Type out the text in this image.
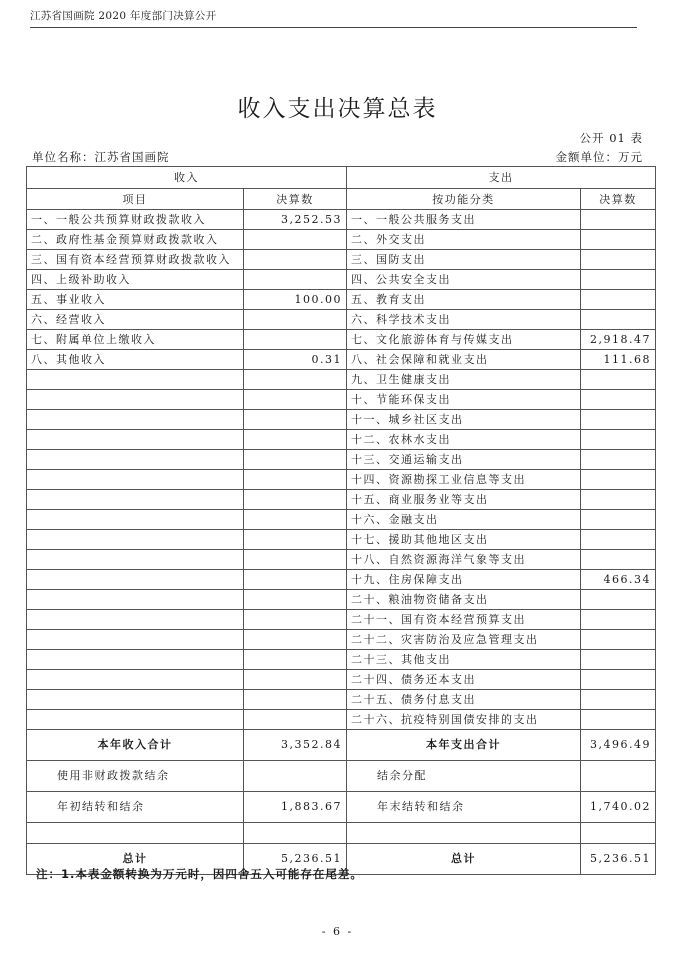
江苏省国画院 2020 年度部门决算公开
收入支出决算总表
公开 01 表
单位名称：江苏省国画院	金额单位：万元
收入		支出	
项目	决算数	按功能分类	决算数
一、一般公共预算财政拨款收入	3,252.53	一、一般公共服务支出	
二、政府性基金预算财政拨款收入		二、外交支出	
三、国有资本经营预算财政拨款收入		三、国防支出	
四、上级补助收入		四、公共安全支出	
五、事业收入	100.00	五、教育支出	
六、经营收入		六、科学技术支出	
七、附属单位上缴收入		七、文化旅游体育与传媒支出	2,918.47
八、其他收入	0.31	八、社会保障和就业支出	111.68
		九、卫生健康支出	
		十、节能环保支出	
		十一、城乡社区支出	
		十二、农林水支出	
		十三、交通运输支出	
		十四、资源勘探工业信息等支出	
		十五、商业服务业等支出	
		十六、金融支出	
		十七、援助其他地区支出	
		十八、自然资源海洋气象等支出	
		十九、住房保障支出	466.34
		二十、粮油物资储备支出	
		二十一、国有资本经营预算支出	
		二十二、灾害防治及应急管理支出	
		二十三、其他支出	
		二十四、债务还本支出	
		二十五、债务付息支出	
		二十六、抗疫特别国债安排的支出	
本年收入合计	3,352.84	本年支出合计	3,496.49
使用非财政拨款结余		结余分配	
年初结转和结余	1,883.67	年末结转和结余	1,740.02

总计	5,236.51	总计	5,236.51
注：1.本表金额转换为万元时，因四舍五入可能存在尾差。
- 6 -
